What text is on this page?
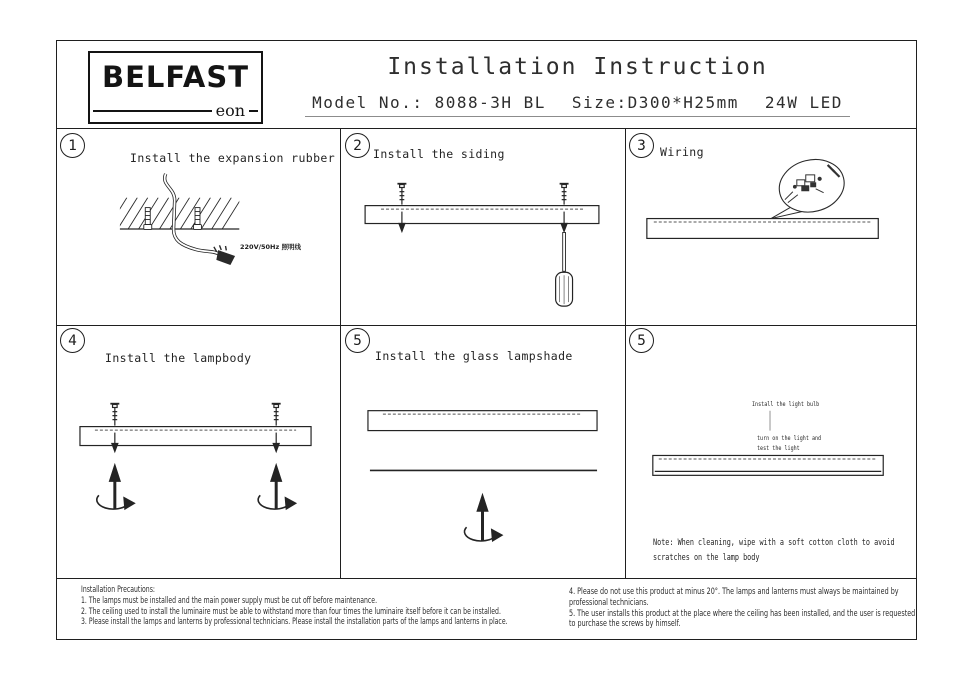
BELFAST
eon
Installation Instruction
Model No.: 8088-3H BL Size:D300*H25mm 24W LED
1
Install the expansion rubber
220V/50Hz 照明线
2
Install the siding
3	Wiring
4
Install the lampbody
5
Install the glass lampshade
5
Install the light bulb
turn on the light and
test the light
Note: When cleaning, wipe with a soft cotton cloth to avoid
scratches on the lamp body
Installation Precautions:
1. The lamps must be installed and the main power supply must be cut off before maintenance.
2. The ceiling used to install the luminaire must be able to withstand more than four times the luminaire itself before it can be installed.
3. Please install the lamps and lanterns by professional technicians. Please install the installation parts of the lamps and lanterns in place.
4. Please do not use this product at minus 20°. The lamps and lanterns must always be maintained by professional technicians.
5. The user installs this product at the place where the ceiling has been installed, and the user is requested to purchase the screws by himself.
